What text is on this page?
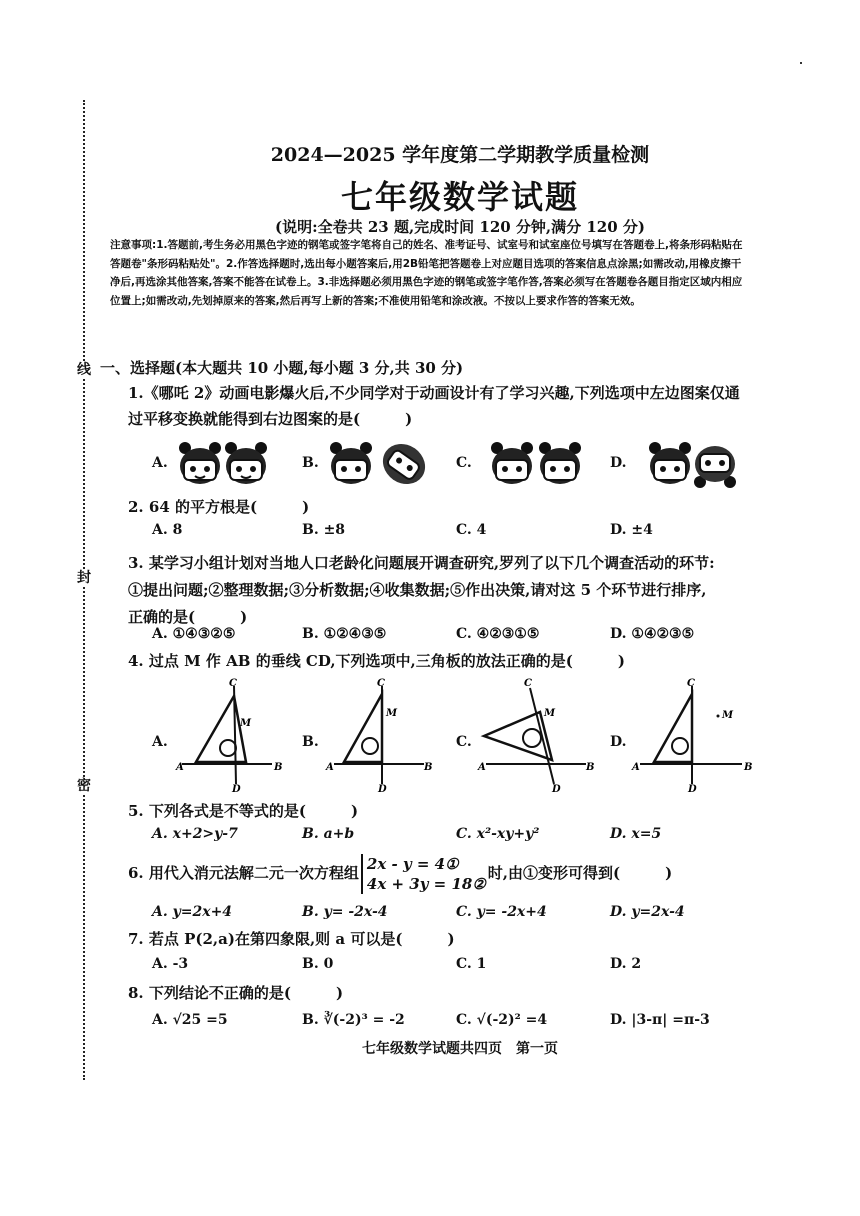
线
封
密
2024—2025 学年度第二学期教学质量检测
七年级数学试题
(说明:全卷共 23 题,完成时间 120 分钟,满分 120 分)
注意事项:1.答题前,考生务必用黑色字迹的钢笔或签字笔将自己的姓名、准考证号、试室号和试室座位号填写在答题卷上,将条形码粘贴在答题卷"条形码粘贴处"。2.作答选择题时,选出每小题答案后,用2B铅笔把答题卷上对应题目选项的答案信息点涂黑;如需改动,用橡皮擦干净后,再选涂其他答案,答案不能答在试卷上。3.非选择题必须用黑色字迹的钢笔或签字笔作答,答案必须写在答题卷各题目指定区域内相应位置上;如需改动,先划掉原来的答案,然后再写上新的答案;不准使用铅笔和涂改液。不按以上要求作答的答案无效。
一、选择题(本大题共 10 小题,每小题 3 分,共 30 分)
1.《哪吒 2》动画电影爆火后,不少同学对于动画设计有了学习兴趣,下列选项中左边图案仅通
过平移变换就能得到右边图案的是(　　　)
A.	B.	C.	D.
2. 64 的平方根是(　　　)
A. 8	B. ±8	C. 4	D. ±4
3. 某学习小组计划对当地人口老龄化问题展开调查研究,罗列了以下几个调查活动的环节:
①提出问题;②整理数据;③分析数据;④收集数据;⑤作出决策,请对这 5 个环节进行排序,
正确的是(　　　)
A. ①④③②⑤	B. ①②④③⑤	C. ④②③①⑤	D. ①④②③⑤
4. 过点 M 作 AB 的垂线 CD,下列选项中,三角板的放法正确的是(　　　)
A.
C
M
A	B
D
B.
C
M
A	B
D
C.
C
M
A	B
D
D.
C
M
A	B
D
5. 下列各式是不等式的是(　　　)
A. x+2>y-7	B. a+b	C. x²-xy+y²	D. x=5
6. 用代入消元法解二元一次方程组 2x - y = 4①
4x + 3y = 18②
时,由①变形可得到(　　　)
A. y=2x+4	B. y= -2x-4	C. y= -2x+4	D. y=2x-4
7. 若点 P(2,a)在第四象限,则 a 可以是(　　　)
A. -3	B. 0	C. 1	D. 2
8. 下列结论不正确的是(　　　)
A. √25 =5	B. ∛(-2)³ = -2	C. √(-2)² =4	D. |3-π| =π-3
七年级数学试题共四页　第一页
